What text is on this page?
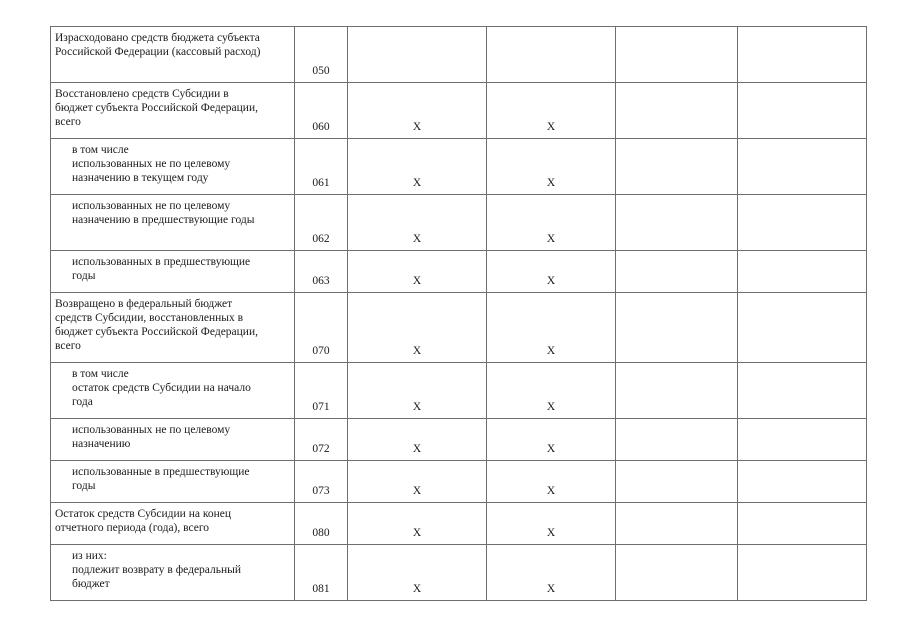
Израсходовано средств бюджета субъекта
Российской Федерации (кассовый расход)	050				

Восстановлено средств Субсидии в
бюджет субъекта Российской Федерации,
всего	060	X	X		

в том числе
использованных не по целевому
назначению в текущем году	061	X	X		

использованных не по целевому
назначению в предшествующие годы	062	X	X		

использованных в предшествующие
годы	063	X	X		

Возвращено в федеральный бюджет
средств Субсидии, восстановленных в
бюджет субъекта Российской Федерации,
всего	070	X	X		

в том числе
остаток средств Субсидии на начало
года	071	X	X		

использованных не по целевому
назначению	072	X	X		

использованные в предшествующие
годы	073	X	X		

Остаток средств Субсидии на конец
отчетного периода (года), всего	080	X	X		

из них:
подлежит возврату в федеральный
бюджет	081	X	X		
